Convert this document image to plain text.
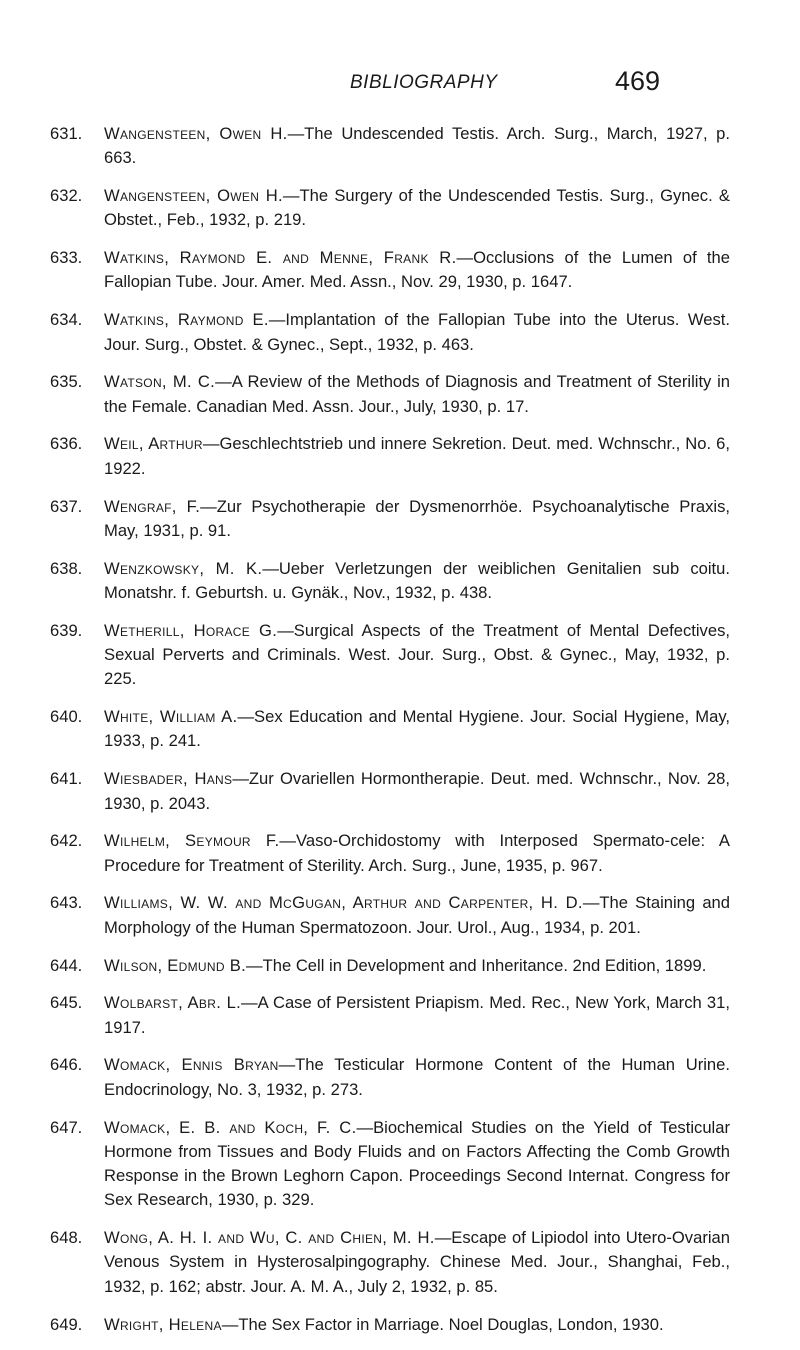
BIBLIOGRAPHY	469
631. Wangensteen, Owen H.—The Undescended Testis. Arch. Surg., March, 1927, p. 663.
632. Wangensteen, Owen H.—The Surgery of the Undescended Testis. Surg., Gynec. & Obstet., Feb., 1932, p. 219.
633. Watkins, Raymond E. and Menne, Frank R.—Occlusions of the Lumen of the Fallopian Tube. Jour. Amer. Med. Assn., Nov. 29, 1930, p. 1647.
634. Watkins, Raymond E.—Implantation of the Fallopian Tube into the Uterus. West. Jour. Surg., Obstet. & Gynec., Sept., 1932, p. 463.
635. Watson, M. C.—A Review of the Methods of Diagnosis and Treatment of Sterility in the Female. Canadian Med. Assn. Jour., July, 1930, p. 17.
636. Weil, Arthur—Geschlechtstrieb und innere Sekretion. Deut. med. Wchnschr., No. 6, 1922.
637. Wengraf, F.—Zur Psychotherapie der Dysmenorrhöe. Psychoanalytische Praxis, May, 1931, p. 91.
638. Wenzkowsky, M. K.—Ueber Verletzungen der weiblichen Genitalien sub coitu. Monatshr. f. Geburtsh. u. Gynäk., Nov., 1932, p. 438.
639. Wetherill, Horace G.—Surgical Aspects of the Treatment of Mental Defectives, Sexual Perverts and Criminals. West. Jour. Surg., Obst. & Gynec., May, 1932, p. 225.
640. White, William A.—Sex Education and Mental Hygiene. Jour. Social Hygiene, May, 1933, p. 241.
641. Wiesbader, Hans—Zur Ovariellen Hormontherapie. Deut. med. Wchnschr., Nov. 28, 1930, p. 2043.
642. Wilhelm, Seymour F.—Vaso-Orchidostomy with Interposed Spermato-cele: A Procedure for Treatment of Sterility. Arch. Surg., June, 1935, p. 967.
643. Williams, W. W. and McGugan, Arthur and Carpenter, H. D.—The Staining and Morphology of the Human Spermatozoon. Jour. Urol., Aug., 1934, p. 201.
644. Wilson, Edmund B.—The Cell in Development and Inheritance. 2nd Edition, 1899.
645. Wolbarst, Abr. L.—A Case of Persistent Priapism. Med. Rec., New York, March 31, 1917.
646. Womack, Ennis Bryan—The Testicular Hormone Content of the Human Urine. Endocrinology, No. 3, 1932, p. 273.
647. Womack, E. B. and Koch, F. C.—Biochemical Studies on the Yield of Testicular Hormone from Tissues and Body Fluids and on Factors Affecting the Comb Growth Response in the Brown Leghorn Capon. Proceedings Second Internat. Congress for Sex Research, 1930, p. 329.
648. Wong, A. H. I. and Wu, C. and Chien, M. H.—Escape of Lipiodol into Utero-Ovarian Venous System in Hysterosalpingography. Chinese Med. Jour., Shanghai, Feb., 1932, p. 162; abstr. Jour. A. M. A., July 2, 1932, p. 85.
649. Wright, Helena—The Sex Factor in Marriage. Noel Douglas, London, 1930.
